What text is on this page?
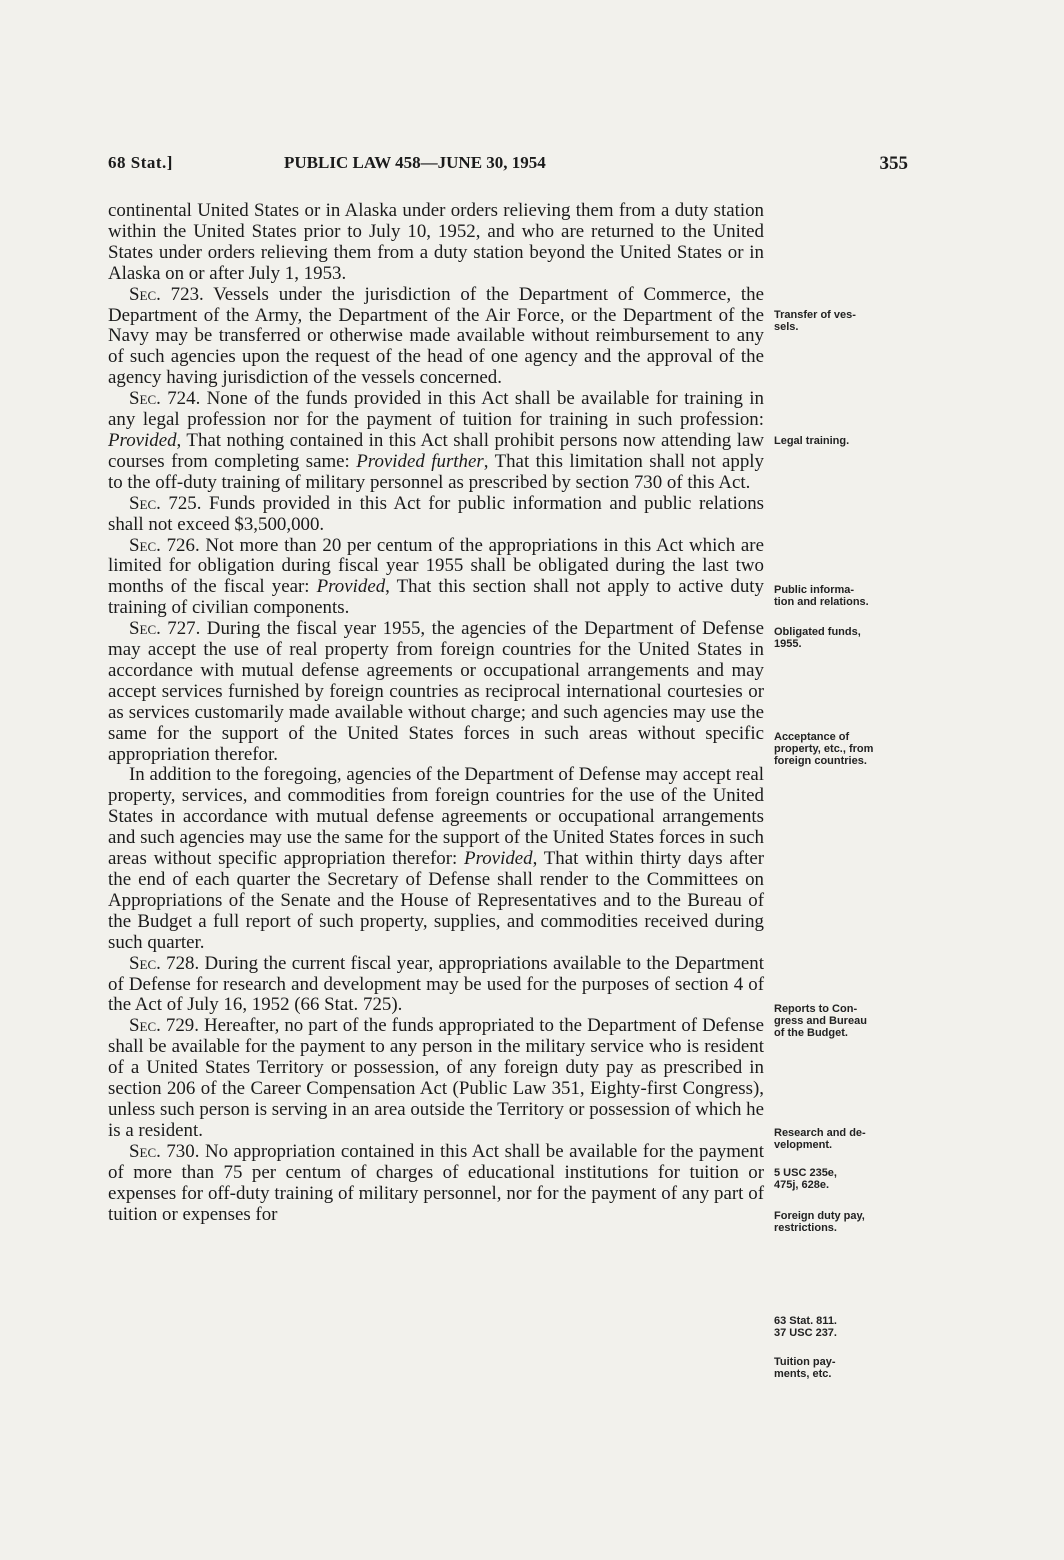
68 Stat.]	PUBLIC LAW 458—JUNE 30, 1954	355

continental United States or in Alaska under orders relieving them from a duty station within the United States prior to July 10, 1952, and who are returned to the United States under orders relieving them from a duty station beyond the United States or in Alaska on or after July 1, 1953.

Sec. 723. Vessels under the jurisdiction of the Department of Commerce, the Department of the Army, the Department of the Air Force, or the Department of the Navy may be transferred or otherwise made available without reimbursement to any of such agencies upon the request of the head of one agency and the approval of the agency having jurisdiction of the vessels concerned.

Sec. 724. None of the funds provided in this Act shall be available for training in any legal profession nor for the payment of tuition for training in such profession: Provided, That nothing contained in this Act shall prohibit persons now attending law courses from completing same: Provided further, That this limitation shall not apply to the off-duty training of military personnel as prescribed by section 730 of this Act.

Sec. 725. Funds provided in this Act for public information and public relations shall not exceed $3,500,000.

Sec. 726. Not more than 20 per centum of the appropriations in this Act which are limited for obligation during fiscal year 1955 shall be obligated during the last two months of the fiscal year: Provided, That this section shall not apply to active duty training of civilian components.

Sec. 727. During the fiscal year 1955, the agencies of the Department of Defense may accept the use of real property from foreign countries for the United States in accordance with mutual defense agreements or occupational arrangements and may accept services furnished by foreign countries as reciprocal international courtesies or as services customarily made available without charge; and such agencies may use the same for the support of the United States forces in such areas without specific appropriation therefor.

In addition to the foregoing, agencies of the Department of Defense may accept real property, services, and commodities from foreign countries for the use of the United States in accordance with mutual defense agreements or occupational arrangements and such agencies may use the same for the support of the United States forces in such areas without specific appropriation therefor: Provided, That within thirty days after the end of each quarter the Secretary of Defense shall render to the Committees on Appropriations of the Senate and the House of Representatives and to the Bureau of the Budget a full report of such property, supplies, and commodities received during such quarter.

Sec. 728. During the current fiscal year, appropriations available to the Department of Defense for research and development may be used for the purposes of section 4 of the Act of July 16, 1952 (66 Stat. 725).

Sec. 729. Hereafter, no part of the funds appropriated to the Department of Defense shall be available for the payment to any person in the military service who is resident of a United States Territory or possession, of any foreign duty pay as prescribed in section 206 of the Career Compensation Act (Public Law 351, Eighty-first Congress), unless such person is serving in an area outside the Territory or possession of which he is a resident.

Sec. 730. No appropriation contained in this Act shall be available for the payment of more than 75 per centum of charges of educational institutions for tuition or expenses for off-duty training of military personnel, nor for the payment of any part of tuition or expenses for

Transfer of ves-
sels.
Legal training.
Public informa-
tion and relations.
Obligated funds,
1955.
Acceptance of
property, etc., from
foreign countries.
Reports to Con-
gress and Bureau
of the Budget.
Research and de-
velopment.
5 USC 235e,
475j, 628e.
Foreign duty pay,
restrictions.
63 Stat. 811.
37 USC 237.
Tuition pay-
ments, etc.
